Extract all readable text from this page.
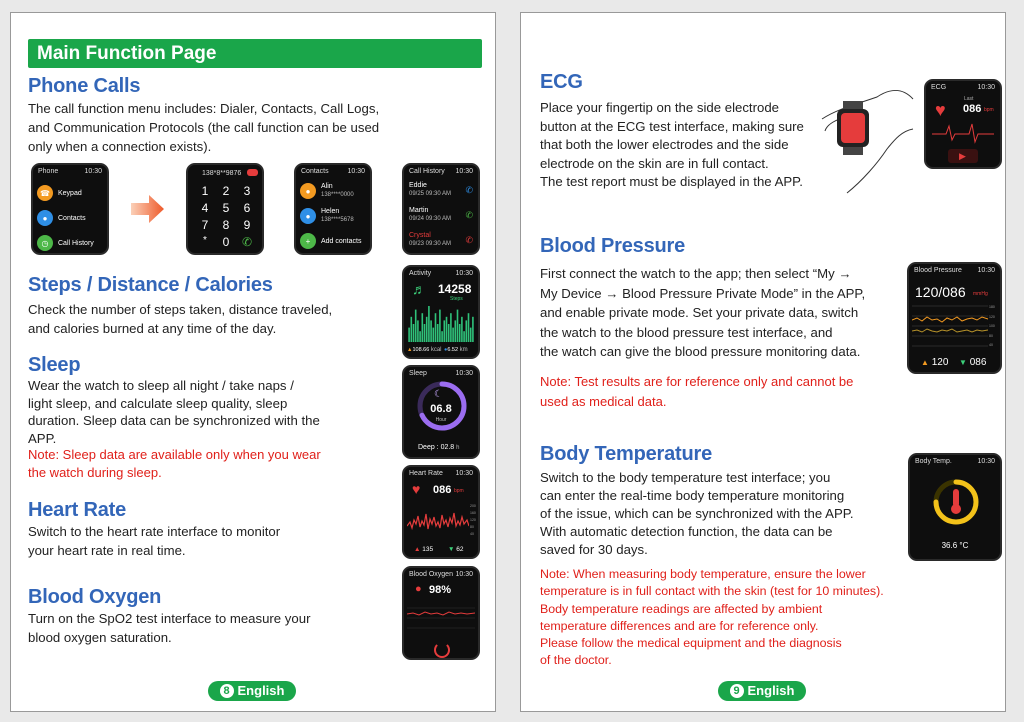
Main Function Page
Phone Calls
The call function menu includes: Dialer, Contacts, Call Logs,
and Communication Protocols (the call function can be used
only when a connection exists).
Phone	10:30
☎	Keypad
●	Contacts
◷	Call History
138*8**9876
1	2	3
4	5	6
7	8	9
*	0	✆
Contacts	10:30
●	Alin
138****0000
●	Helen
138****5678
+	Add contacts
Call History 10:30
Eddie
09/25 09:30 AM ✆
Martin
09/24 09:30 AM ✆
Crystal
09/23 09:30 AM ✆
Steps / Distance / Calories
Check the number of steps taken, distance traveled,
and calories burned at any time of the day.
Activity	10:30
♬ 14258
Steps
▲108.66 kcal ●6.52 km
Sleep
Wear the watch to sleep all night / take naps /
light sleep, and calculate sleep quality, sleep
duration. Sleep data can be synchronized with the
APP.
Note: Sleep data are available only when you wear
the watch during sleep.
Sleep	10:30
☾
06.8
Hour
Deep : 02.8 h
Heart Rate
Switch to the heart rate interface to monitor
your heart rate in real time.
Heart Rate 10:30
♥ 086 bpm
200
160
120
80
40
▲ 135 ▼ 62
Blood Oxygen
Turn on the SpO2 test interface to measure your
blood oxygen saturation.
Blood Oxygen 10:30
● 98%
8 English
ECG
Place your fingertip on the side electrode
button at the ECG test interface, making sure
that both the lower electrodes and the side
electrode on the skin are in full contact.
The test report must be displayed in the APP.
ECG	10:30
♥
Last
086 bpm
▶
Blood Pressure
First connect the watch to the app; then select “My →
My Device → Blood Pressure Private Mode” in the APP,
and enable private mode. Set your private data, switch
the watch to the blood pressure test interface, and
the watch can give the blood pressure monitoring data.
Note: Test results are for reference only and cannot be
used as medical data.
Blood Pressure 10:30
120/086 mmHg
180
120
100
80
40
▲ 120 ▼ 086
Body Temperature
Switch to the body temperature test interface; you
can enter the real-time body temperature monitoring
of the issue, which can be synchronized with the APP.
With automatic detection function, the data can be
saved for 30 days.
Note: When measuring body temperature, ensure the lower
temperature is in full contact with the skin (test for 10 minutes).
Body temperature readings are affected by ambient
temperature differences and are for reference only.
Please follow the medical equipment and the diagnosis
of the doctor.
Body Temp.	10:30
36.6 °C
9 English
